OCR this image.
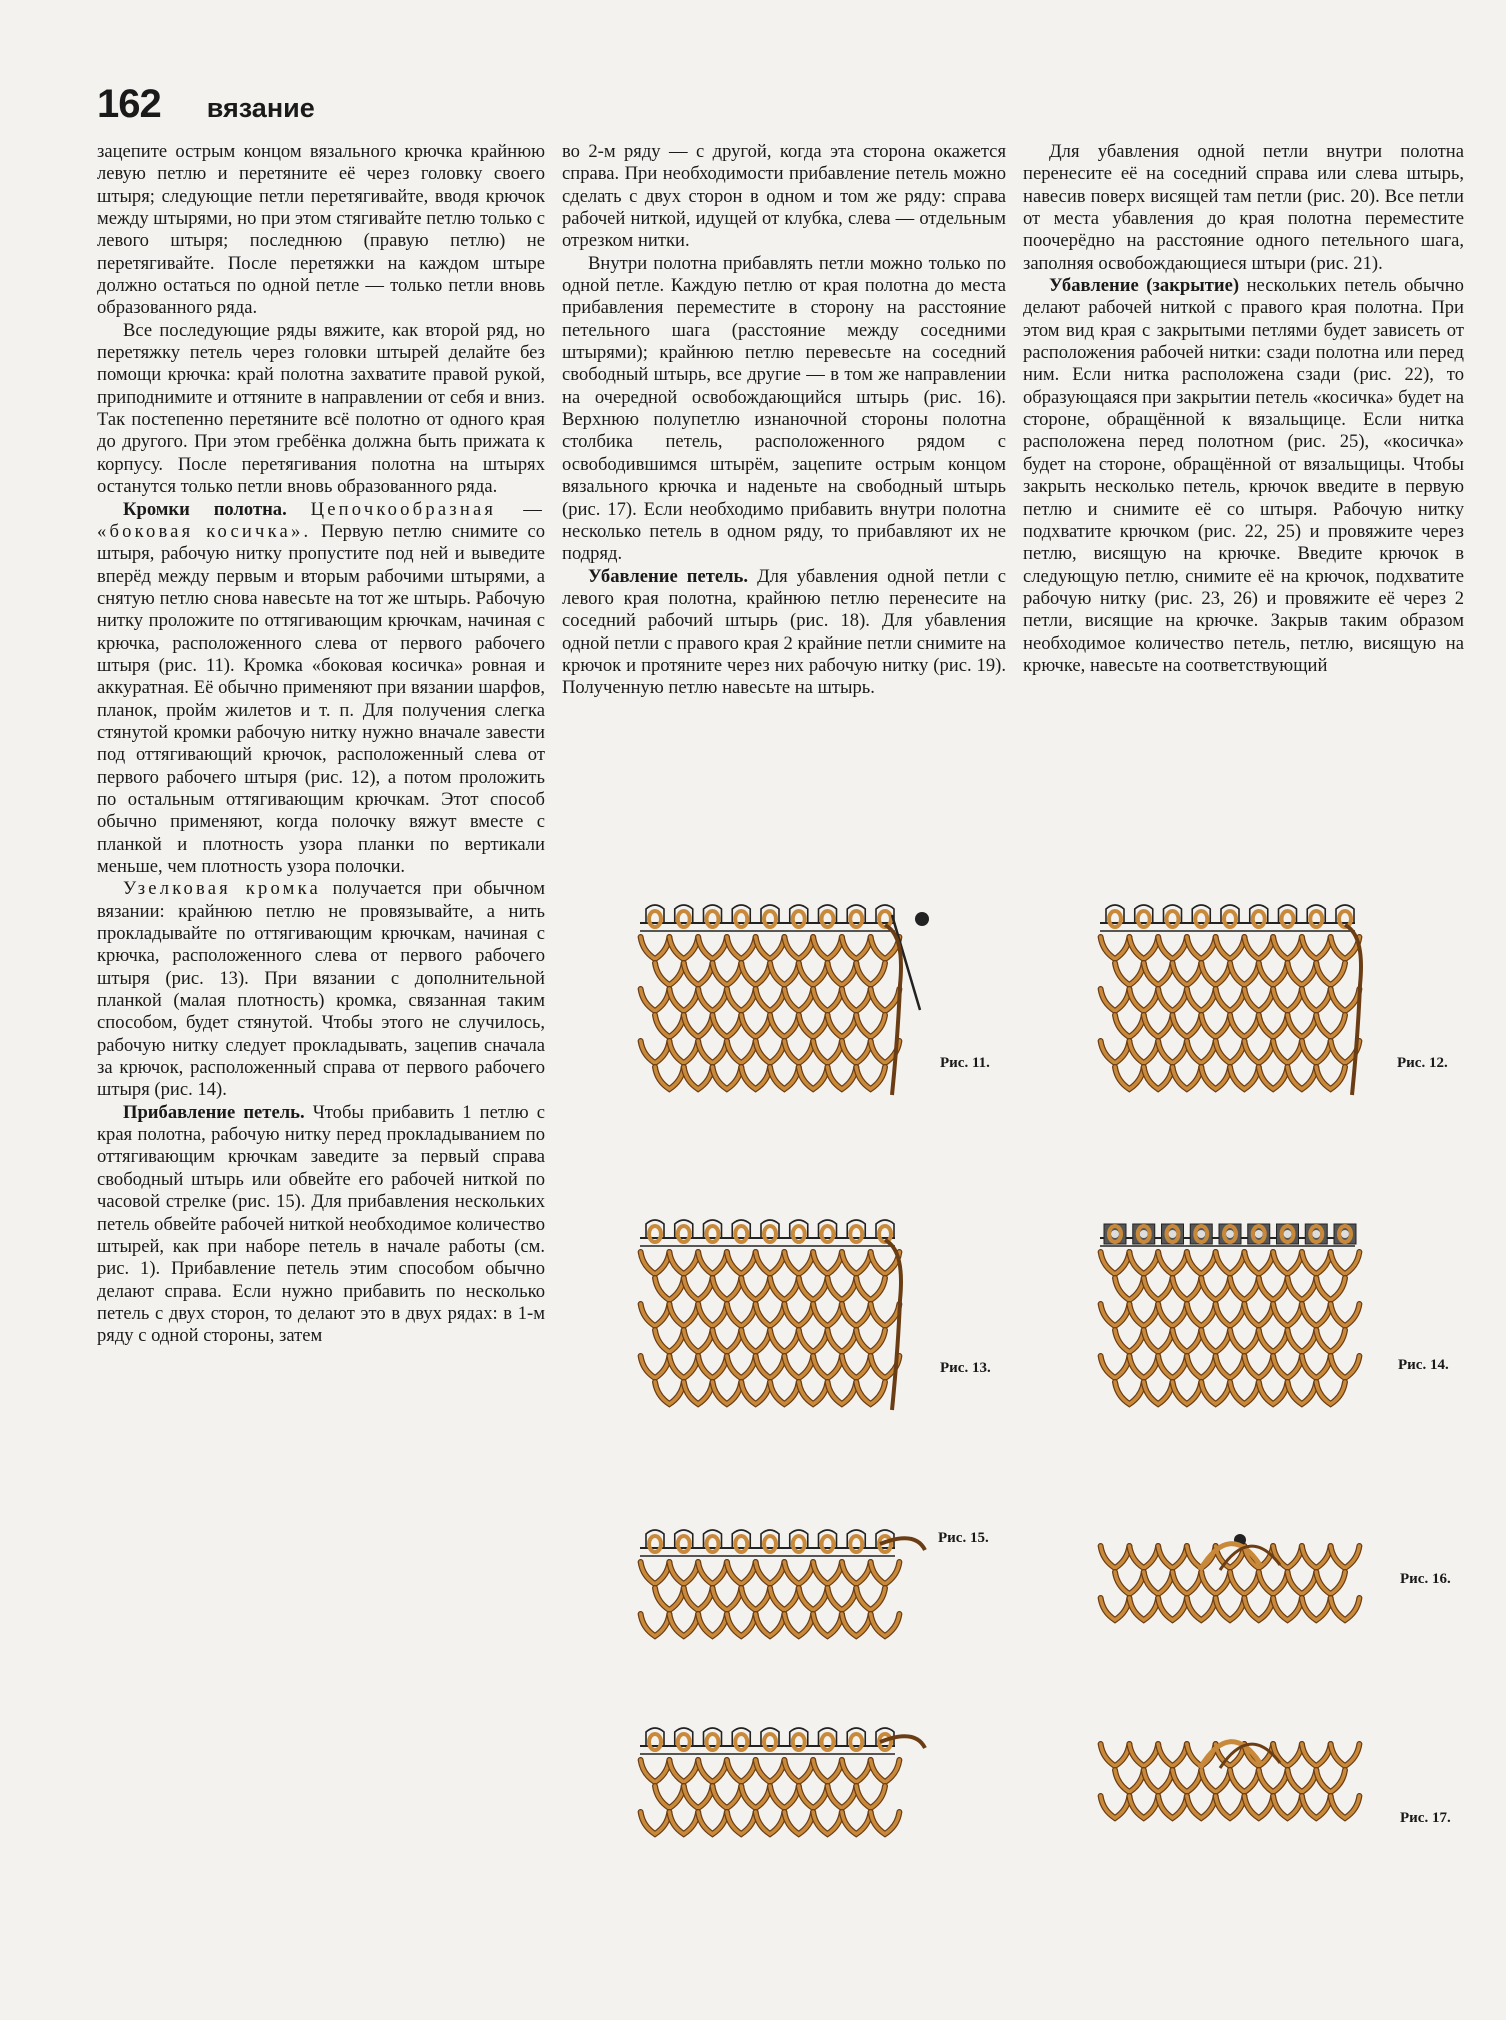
162 вязание

зацепите острым концом вязального крючка крайнюю левую петлю и перетяните её через головку своего штыря; следующие петли перетягивайте, вводя крючок между штырями, но при этом стягивайте петлю только с левого штыря; последнюю (правую петлю) не перетягивайте. После перетяжки на каждом штыре должно остаться по одной петле — только петли вновь образованного ряда.

Все последующие ряды вяжите, как второй ряд, но перетяжку петель через головки штырей делайте без помощи крючка: край полотна захватите правой рукой, приподнимите и оттяните в направлении от себя и вниз. Так постепенно перетяните всё полотно от одного края до другого. При этом гребёнка должна быть прижата к корпусу. После перетягивания полотна на штырях останутся только петли вновь образованного ряда.

Кромки полотна. Цепочкообразная — «боковая косичка». Первую петлю снимите со штыря, рабочую нитку пропустите под ней и выведите вперёд между первым и вторым рабочими штырями, а снятую петлю снова навесьте на тот же штырь. Рабочую нитку проложите по оттягивающим крючкам, начиная с крючка, расположенного слева от первого рабочего штыря (рис. 11). Кромка «боковая косичка» ровная и аккуратная. Её обычно применяют при вязании шарфов, планок, пройм жилетов и т. п. Для получения слегка стянутой кромки рабочую нитку нужно вначале завести под оттягивающий крючок, расположенный слева от первого рабочего штыря (рис. 12), а потом проложить по остальным оттягивающим крючкам. Этот способ обычно применяют, когда полочку вяжут вместе с планкой и плотность узора планки по вертикали меньше, чем плотность узора полочки.

Узелковая кромка получается при обычном вязании: крайнюю петлю не провязывайте, а нить прокладывайте по оттягивающим крючкам, начиная с крючка, расположенного слева от первого рабочего штыря (рис. 13). При вязании с дополнительной планкой (малая плотность) кромка, связанная таким способом, будет стянутой. Чтобы этого не случилось, рабочую нитку следует прокладывать, зацепив сначала за крючок, расположенный справа от первого рабочего штыря (рис. 14).

Прибавление петель. Чтобы прибавить 1 петлю с края полотна, рабочую нитку перед прокладыванием по оттягивающим крючкам заведите за первый справа свободный штырь или обвейте его рабочей ниткой по часовой стрелке (рис. 15). Для прибавления нескольких петель обвейте рабочей ниткой необходимое количество штырей, как при наборе петель в начале работы (см. рис. 1). Прибавление петель этим способом обычно делают справа. Если нужно прибавить по несколько петель с двух сторон, то делают это в двух рядах: в 1-м ряду с одной стороны, затем

во 2-м ряду — с другой, когда эта сторона окажется справа. При необходимости прибавление петель можно сделать с двух сторон в одном и том же ряду: справа рабочей ниткой, идущей от клубка, слева — отдельным отрезком нитки.

Внутри полотна прибавлять петли можно только по одной петле. Каждую петлю от края полотна до места прибавления переместите в сторону на расстояние петельного шага (расстояние между соседними штырями); крайнюю петлю перевесьте на соседний свободный штырь, все другие — в том же направлении на очередной освобождающийся штырь (рис. 16). Верхнюю полупетлю изнаночной стороны полотна столбика петель, расположенного рядом с освободившимся штырём, зацепите острым концом вязального крючка и наденьте на свободный штырь (рис. 17). Если необходимо прибавить внутри полотна несколько петель в одном ряду, то прибавляют их не подряд.

Убавление петель. Для убавления одной петли с левого края полотна, крайнюю петлю перенесите на соседний рабочий штырь (рис. 18). Для убавления одной петли с правого края 2 крайние петли снимите на крючок и протяните через них рабочую нитку (рис. 19). Полученную петлю навесьте на штырь.

Для убавления одной петли внутри полотна перенесите её на соседний справа или слева штырь, навесив поверх висящей там петли (рис. 20). Все петли от места убавления до края полотна переместите поочерёдно на расстояние одного петельного шага, заполняя освобождающиеся штыри (рис. 21).

Убавление (закрытие) нескольких петель обычно делают рабочей ниткой с правого края полотна. При этом вид края с закрытыми петлями будет зависеть от расположения рабочей нитки: сзади полотна или перед ним. Если нитка расположена сзади (рис. 22), то образующаяся при закрытии петель «косичка» будет на стороне, обращённой к вязальщице. Если нитка расположена перед полотном (рис. 25), «косичка» будет на стороне, обращённой от вязальщицы. Чтобы закрыть несколько петель, крючок введите в первую петлю и снимите её со штыря. Рабочую нитку подхватите крючком (рис. 22, 25) и провяжите через петлю, висящую на крючке. Введите крючок в следующую петлю, снимите её на крючок, подхватите рабочую нитку (рис. 23, 26) и провяжите её через 2 петли, висящие на крючке. Закрыв таким образом необходимое количество петель, петлю, висящую на крючке, навесьте на соответствующий

Рис. 11.	Рис. 12.
Рис. 13.	Рис. 14.
Рис. 15.
Рис. 16.
Рис. 17.
